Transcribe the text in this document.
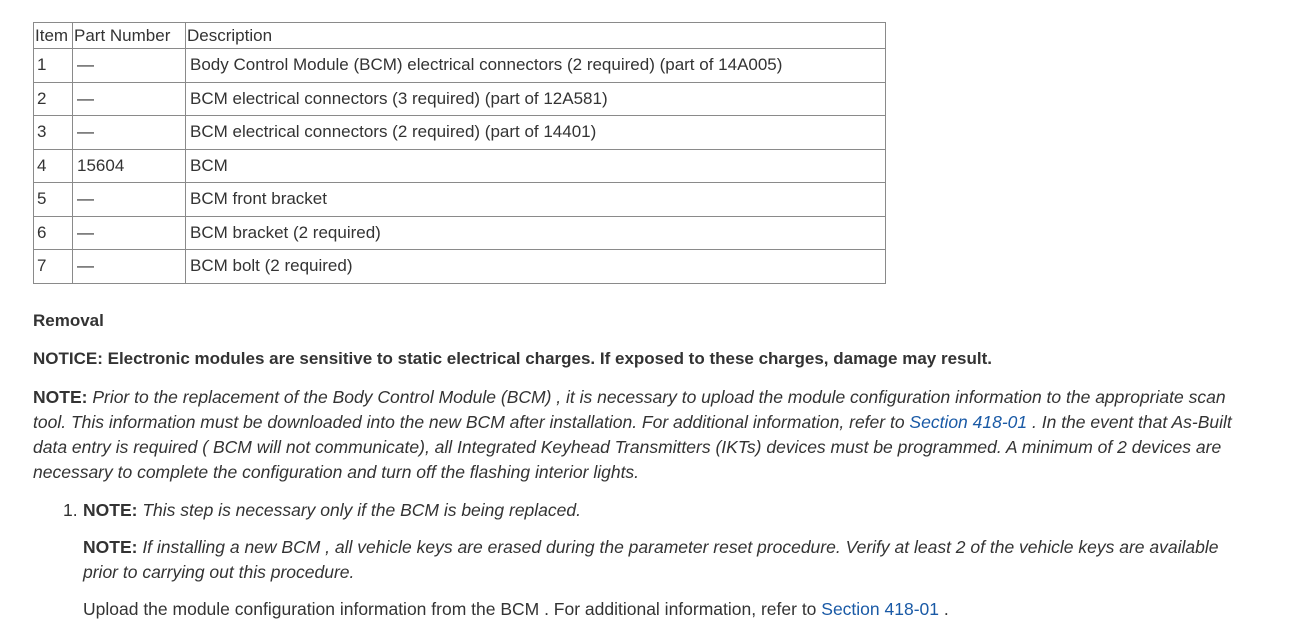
Item	Part Number	Description
1	—	Body Control Module (BCM) electrical connectors (2 required) (part of 14A005)
2	—	BCM electrical connectors (3 required) (part of 12A581)
3	—	BCM electrical connectors (2 required) (part of 14401)
4	15604	BCM
5	—	BCM front bracket
6	—	BCM bracket (2 required)
7	—	BCM bolt (2 required)
Removal
NOTICE: Electronic modules are sensitive to static electrical charges. If exposed to these charges, damage may result.

NOTE: Prior to the replacement of the Body Control Module (BCM) , it is necessary to upload the module configuration information to the appropriate scan tool. This information must be downloaded into the new BCM after installation. For additional information, refer to Section 418-01 . In the event that As-Built data entry is required ( BCM will not communicate), all Integrated Keyhead Transmitters (IKTs) devices must be programmed. A minimum of 2 devices are necessary to complete the configuration and turn off the flashing interior lights.

1. NOTE: This step is necessary only if the BCM is being replaced.

NOTE: If installing a new BCM , all vehicle keys are erased during the parameter reset procedure. Verify at least 2 of the vehicle keys are available prior to carrying out this procedure.

Upload the module configuration information from the BCM . For additional information, refer to Section 418-01 .
